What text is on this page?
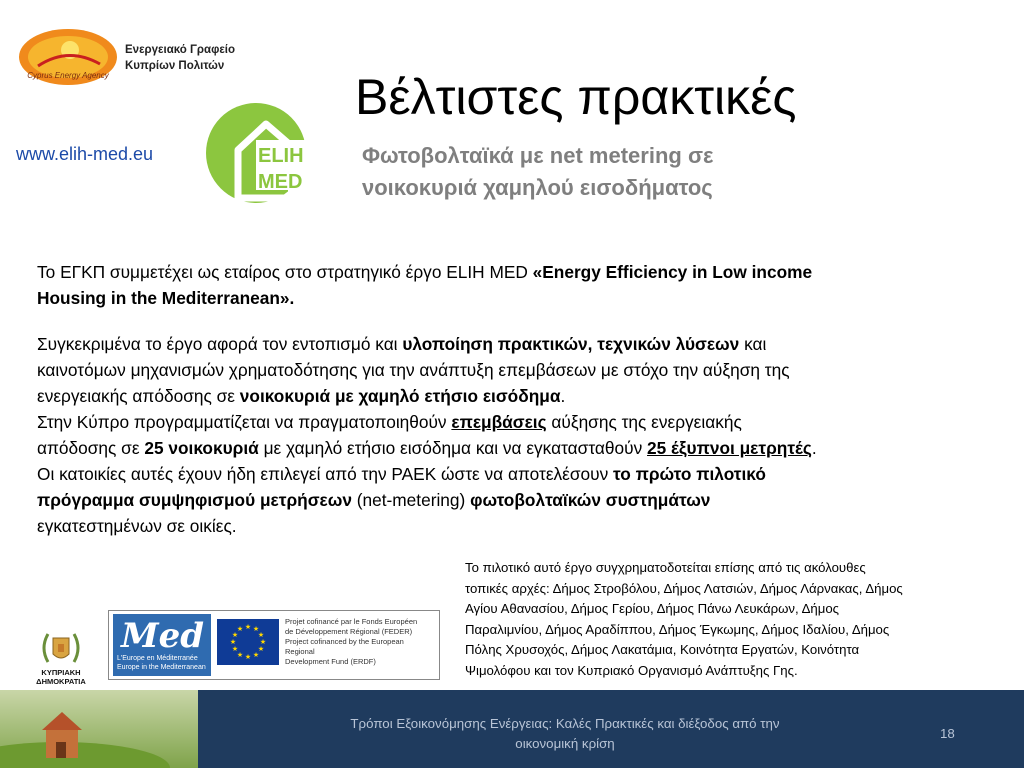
Cyprus Energy Agency
Ενεργειακό Γραφείο
Κυπρίων Πολιτών
Βέλτιστες πρακτικές
www.elih-med.eu	ELIH
MED
Φωτοβολταϊκά με net metering σε
νοικοκυριά χαμηλού εισοδήματος
Το ΕΓΚΠ συμμετέχει ως εταίρος στο στρατηγικό έργο ELIH MED «Energy Efficiency in Low income
Housing in the Mediterranean».
Συγκεκριμένα το έργο αφορά τον εντοπισμό και υλοποίηση πρακτικών, τεχνικών λύσεων και
καινοτόμων μηχανισμών χρηματοδότησης για την ανάπτυξη επεμβάσεων με στόχο την αύξηση της
ενεργειακής απόδοσης σε νοικοκυριά με χαμηλό ετήσιο εισόδημα.
Στην Κύπρο προγραμματίζεται να πραγματοποιηθούν επεμβάσεις αύξησης της ενεργειακής
απόδοσης σε 25 νοικοκυριά με χαμηλό ετήσιο εισόδημα και να εγκατασταθούν 25 έξυπνοι μετρητές.
Οι κατοικίες αυτές έχουν ήδη επιλεγεί από την ΡΑΕΚ ώστε να αποτελέσουν το πρώτο πιλοτικό
πρόγραμμα συμψηφισμού μετρήσεων (net-metering) φωτοβολταϊκών συστημάτων
εγκατεστημένων σε οικίες.
Το πιλοτικό αυτό έργο συγχρηματοδοτείται επίσης από τις ακόλουθες
τοπικές αρχές: Δήμος Στροβόλου, Δήμος Λατσιών, Δήμος Λάρνακας, Δήμος
Αγίου Αθανασίου, Δήμος Γερίου, Δήμος Πάνω Λευκάρων, Δήμος
Παραλιμνίου, Δήμος Αραδίππου, Δήμος Έγκωμης, Δήμος Ιδαλίου, Δήμος
Πόλης Χρυσοχός, Δήμος Λακατάμια, Κοινότητα Εργατών, Κοινότητα
Ψιμολόφου και τον Κυπριακό Οργανισμό Ανάπτυξης Γης.
ΚΥΠΡΙΑΚΗ ΔΗΜΟΚΡΑΤΙΑ
Med
L'Europe en Méditerranée
Europe in the Mediterranean
★ ★
★
★
★
★
★
★
★
★
★
★
Projet cofinancé par le Fonds Européen
de Développement Régional (FEDER)
Project cofinanced by the European Regional
Development Fund (ERDF)
Τρόποι Εξοικονόμησης Ενέργειας: Καλές Πρακτικές και διέξοδος από την
οικονομική κρίση
18
